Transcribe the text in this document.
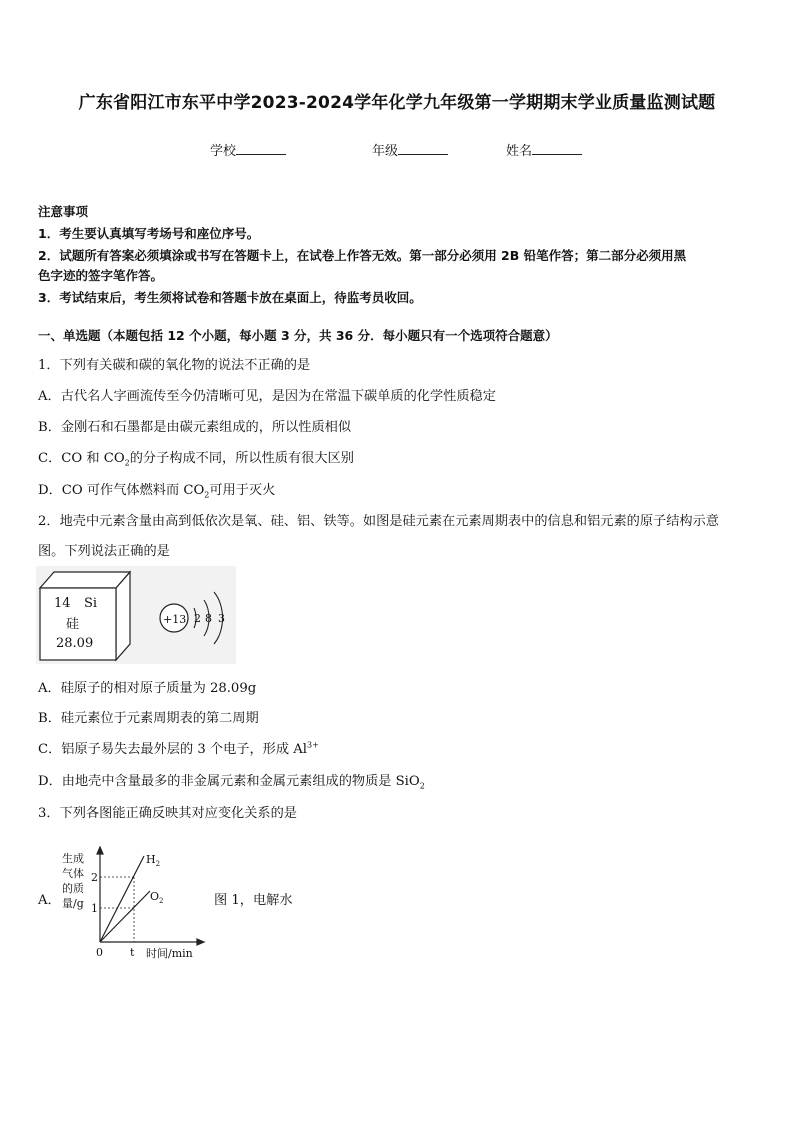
广东省阳江市东平中学2023-2024学年化学九年级第一学期期末学业质量监测试题
学校	年级	姓名
注意事项
1．考生要认真填写考场号和座位序号。
2．试题所有答案必须填涂或书写在答题卡上，在试卷上作答无效。第一部分必须用 2B 铅笔作答；第二部分必须用黑
色字迹的签字笔作答。
3．考试结束后，考生须将试卷和答题卡放在桌面上，待监考员收回。
一、单选题（本题包括 12 个小题，每小题 3 分，共 36 分．每小题只有一个选项符合题意）
1．下列有关碳和碳的氧化物的说法不正确的是
A．古代名人字画流传至今仍清晰可见，是因为在常温下碳单质的化学性质稳定
B．金刚石和石墨都是由碳元素组成的，所以性质相似
C．CO 和 $CO_2$的分子构成不同，所以性质有很大区别
D．CO 可作气体燃料而 $CO_2$可用于灭火
2．地壳中元素含量由高到低依次是氧、硅、铝、铁等。如图是硅元素在元素周期表中的信息和铝元素的原子结构示意
图。下列说法正确的是
14 Si
硅
28.09
+13 2 8 3
A．硅原子的相对原子质量为 28.09g
B．硅元素位于元素周期表的第二周期
C．铝原子易失去最外层的 3 个电子，形成 $Al^{3+}$
D．由地壳中含量最多的非金属元素和金属元素组成的物质是 SiO$_2$
3．下列各图能正确反映其对应变化关系的是
A．
生成
气体
的质
量/g
2
1
0 t 时间/min
$H_2$
$O_2$	图 1，电解水
